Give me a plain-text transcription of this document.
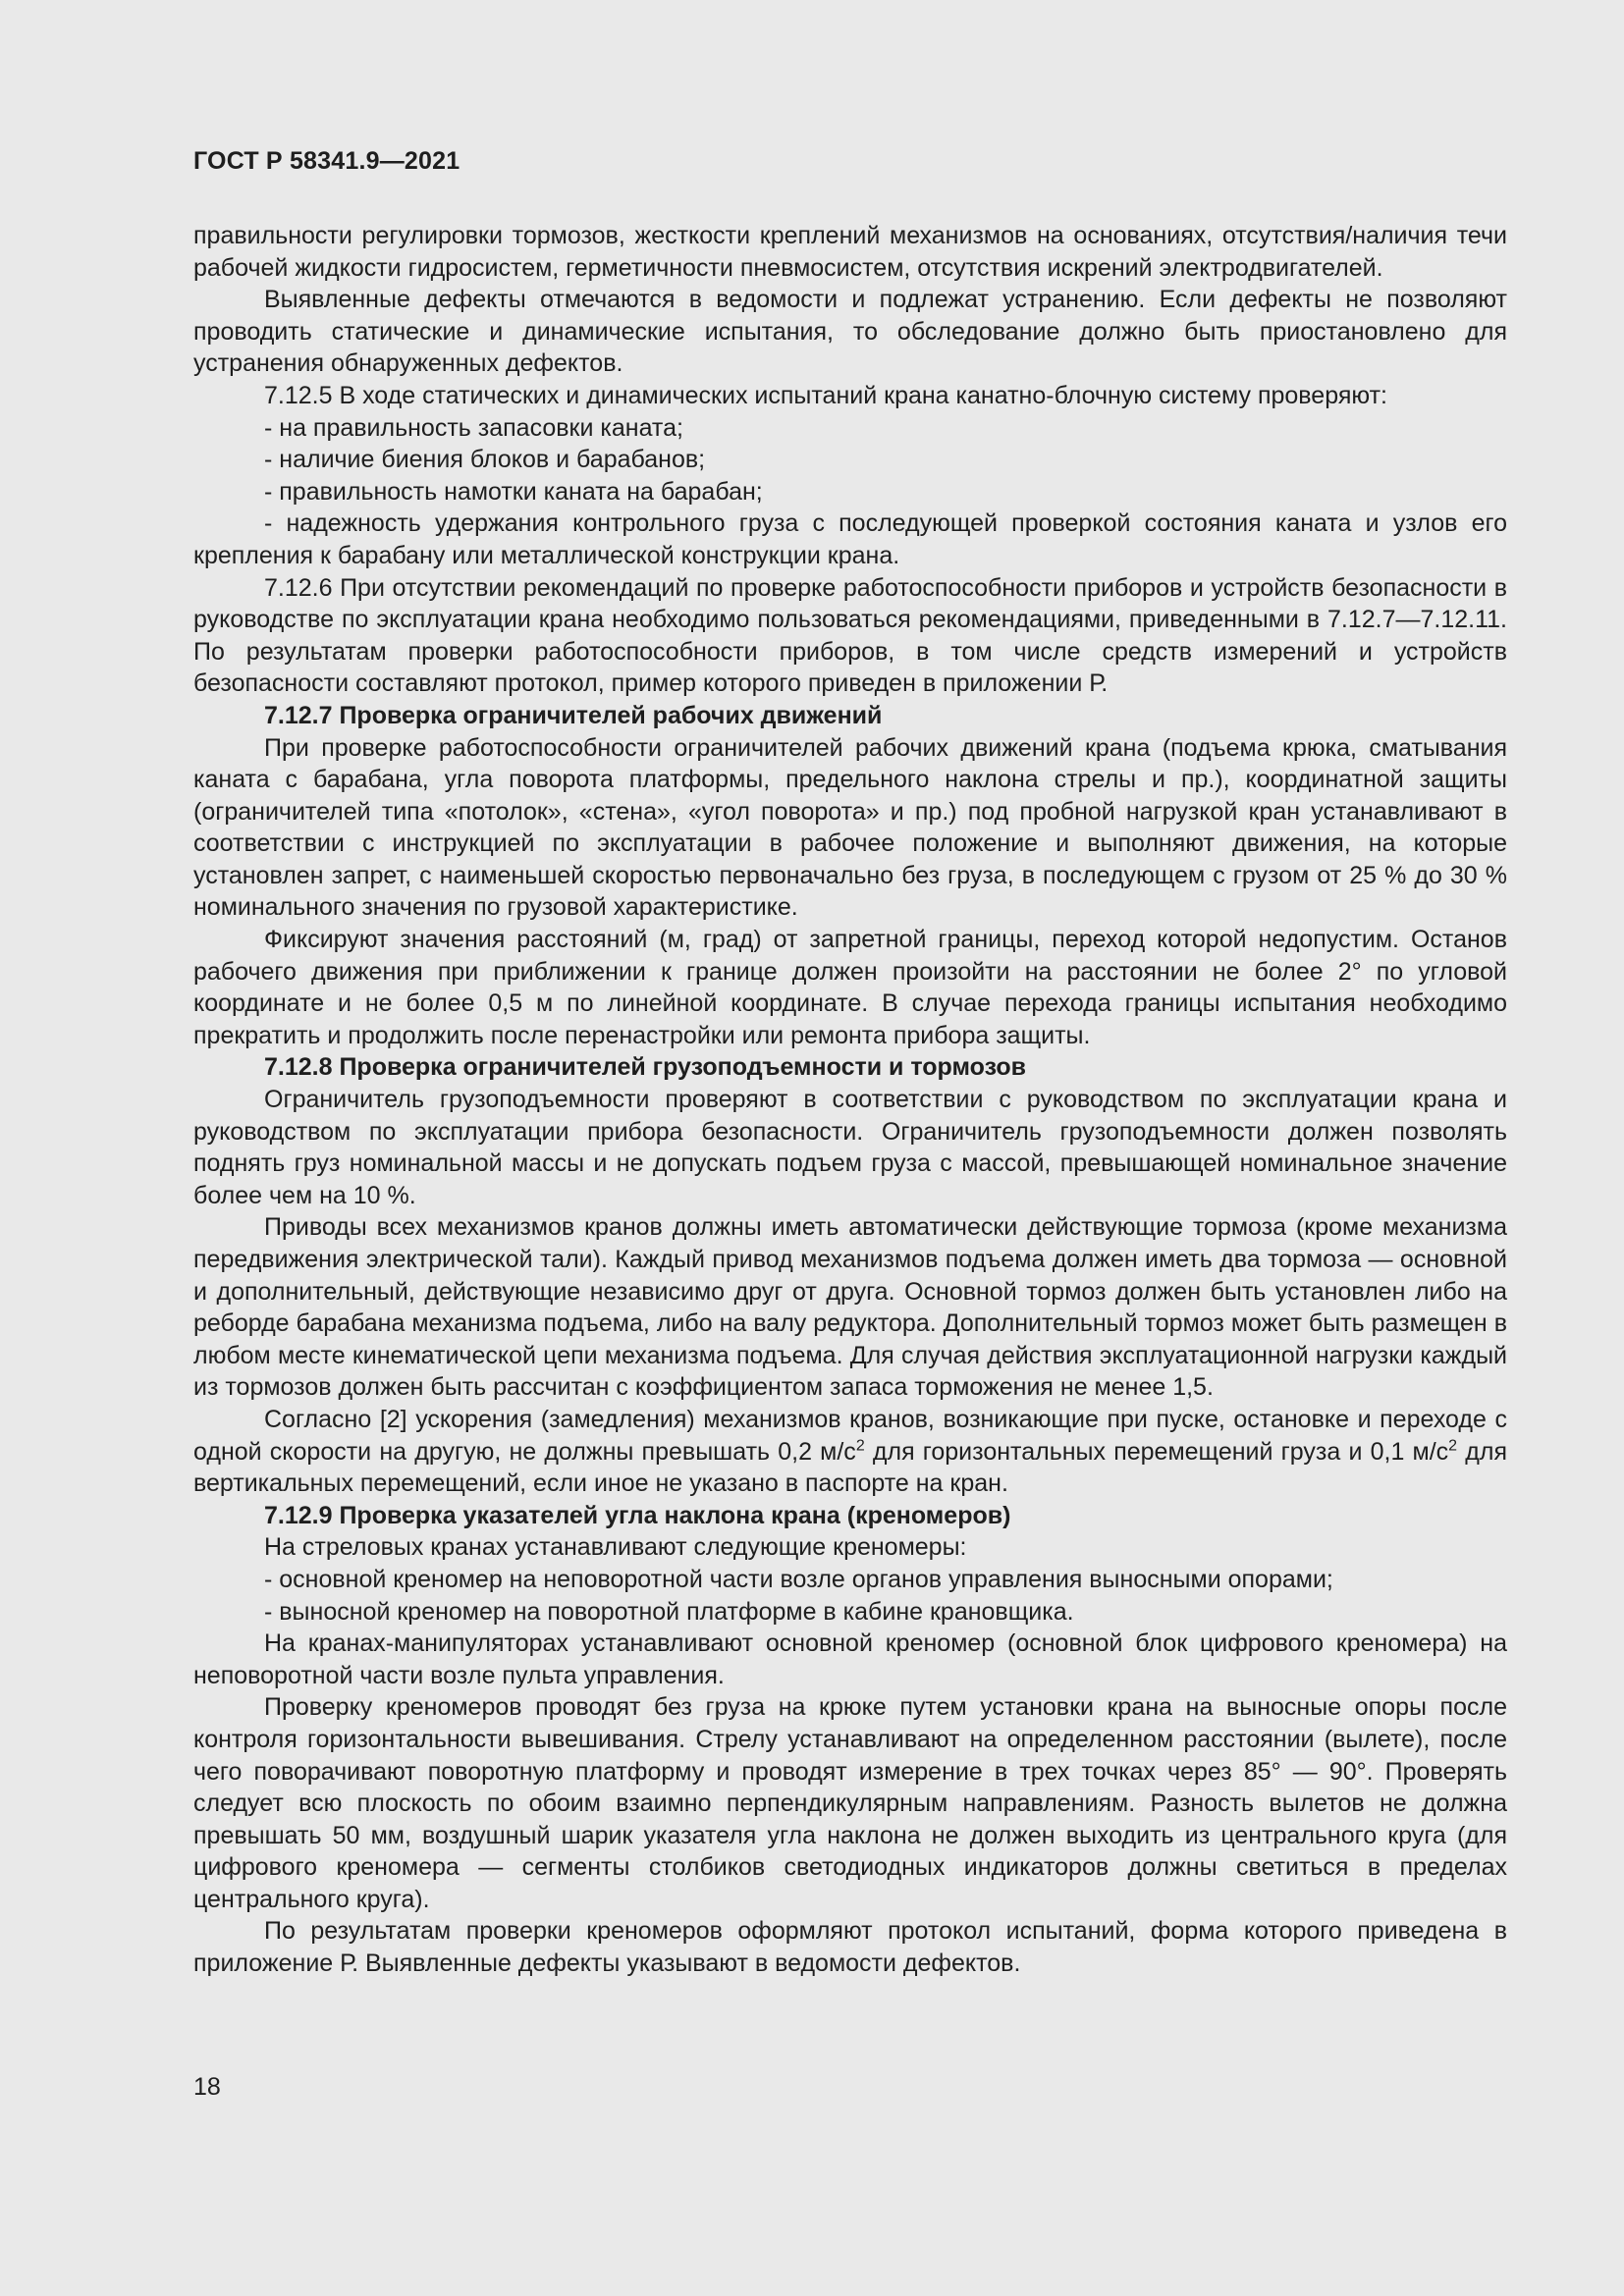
ГОСТ Р 58341.9—2021

правильности регулировки тормозов, жесткости креплений механизмов на основаниях, отсутствия/наличия течи рабочей жидкости гидросистем, герметичности пневмосистем, отсутствия искрений электродвигателей.

Выявленные дефекты отмечаются в ведомости и подлежат устранению. Если дефекты не позволяют проводить статические и динамические испытания, то обследование должно быть приостановлено для устранения обнаруженных дефектов.

7.12.5 В ходе статических и динамических испытаний крана канатно-блочную систему проверяют:

- на правильность запасовки каната;

- наличие биения блоков и барабанов;

- правильность намотки каната на барабан;

- надежность удержания контрольного груза с последующей проверкой состояния каната и узлов его крепления к барабану или металлической конструкции крана.

7.12.6 При отсутствии рекомендаций по проверке работоспособности приборов и устройств безопасности в руководстве по эксплуатации крана необходимо пользоваться рекомендациями, приведенными в 7.12.7—7.12.11. По результатам проверки работоспособности приборов, в том числе средств измерений и устройств безопасности составляют протокол, пример которого приведен в приложении Р.

7.12.7 Проверка ограничителей рабочих движений

При проверке работоспособности ограничителей рабочих движений крана (подъема крюка, сматывания каната с барабана, угла поворота платформы, предельного наклона стрелы и пр.), координатной защиты (ограничителей типа «потолок», «стена», «угол поворота» и пр.) под пробной нагрузкой кран устанавливают в соответствии с инструкцией по эксплуатации в рабочее положение и выполняют движения, на которые установлен запрет, с наименьшей скоростью первоначально без груза, в последующем с грузом от 25 % до 30 % номинального значения по грузовой характеристике.

Фиксируют значения расстояний (м, град) от запретной границы, переход которой недопустим. Останов рабочего движения при приближении к границе должен произойти на расстоянии не более 2° по угловой координате и не более 0,5 м по линейной координате. В случае перехода границы испытания необходимо прекратить и продолжить после перенастройки или ремонта прибора защиты.

7.12.8 Проверка ограничителей грузоподъемности и тормозов

Ограничитель грузоподъемности проверяют в соответствии с руководством по эксплуатации крана и руководством по эксплуатации прибора безопасности. Ограничитель грузоподъемности должен позволять поднять груз номинальной массы и не допускать подъем груза с массой, превышающей номинальное значение более чем на 10 %.

Приводы всех механизмов кранов должны иметь автоматически действующие тормоза (кроме механизма передвижения электрической тали). Каждый привод механизмов подъема должен иметь два тормоза — основной и дополнительный, действующие независимо друг от друга. Основной тормоз должен быть установлен либо на реборде барабана механизма подъема, либо на валу редуктора. Дополнительный тормоз может быть размещен в любом месте кинематической цепи механизма подъема. Для случая действия эксплуатационной нагрузки каждый из тормозов должен быть рассчитан с коэффициентом запаса торможения не менее 1,5.

Согласно [2] ускорения (замедления) механизмов кранов, возникающие при пуске, остановке и переходе с одной скорости на другую, не должны превышать 0,2 $м/с^2$ для горизонтальных перемещений груза и 0,1 $м/с^2$ для вертикальных перемещений, если иное не указано в паспорте на кран.

7.12.9 Проверка указателей угла наклона крана (креномеров)

На стреловых кранах устанавливают следующие креномеры:

- основной креномер на неповоротной части возле органов управления выносными опорами;

- выносной креномер на поворотной платформе в кабине крановщика.

На кранах-манипуляторах устанавливают основной креномер (основной блок цифрового креномера) на неповоротной части возле пульта управления.

Проверку креномеров проводят без груза на крюке путем установки крана на выносные опоры после контроля горизонтальности вывешивания. Стрелу устанавливают на определенном расстоянии (вылете), после чего поворачивают поворотную платформу и проводят измерение в трех точках через 85° — 90°. Проверять следует всю плоскость по обоим взаимно перпендикулярным направлениям. Разность вылетов не должна превышать 50 мм, воздушный шарик указателя угла наклона не должен выходить из центрального круга (для цифрового креномера — сегменты столбиков светодиодных индикаторов должны светиться в пределах центрального круга).

По результатам проверки креномеров оформляют протокол испытаний, форма которого приведена в приложение Р. Выявленные дефекты указывают в ведомости дефектов.

18
